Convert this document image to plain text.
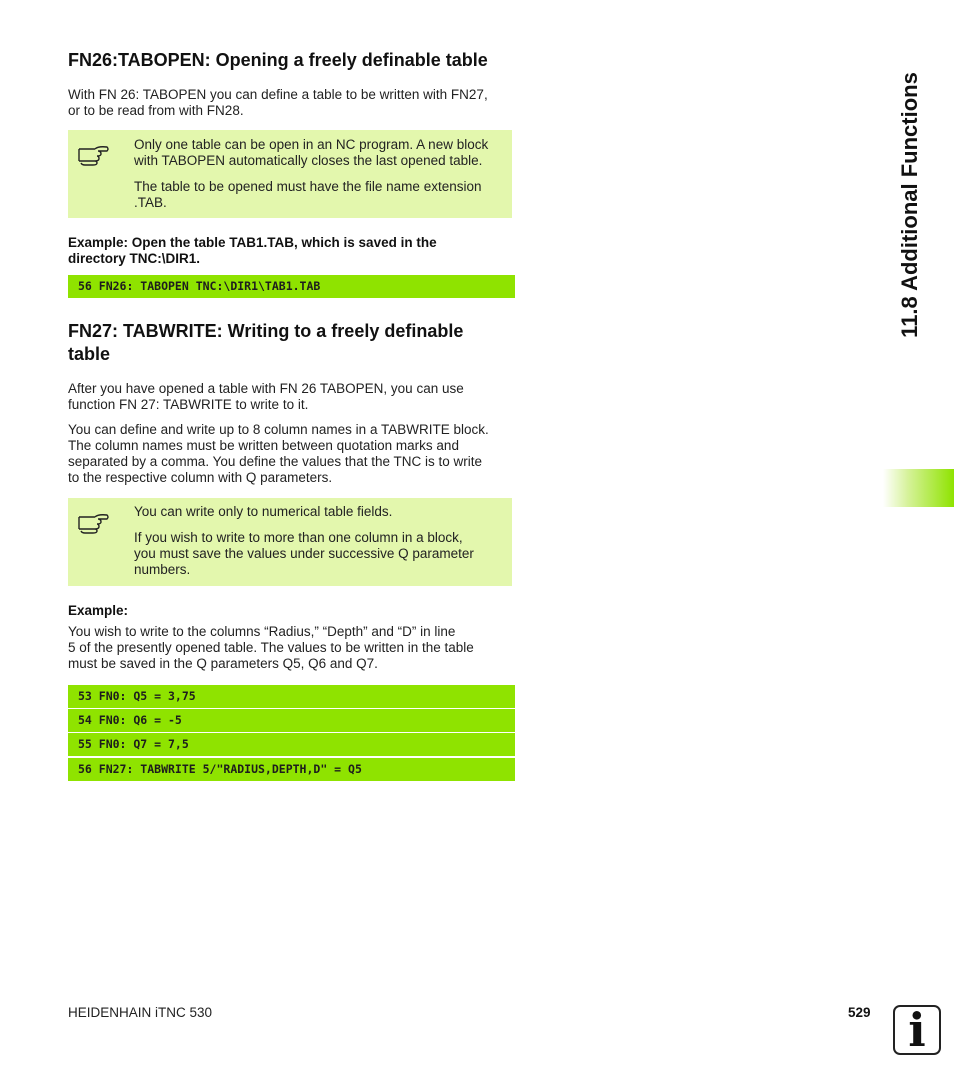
FN26:TABOPEN: Opening a freely definable table

With FN 26: TABOPEN you can define a table to be written with FN27,

or to be read from with FN28.

Only one table can be open in an NC program. A new block
with TABOPEN automatically closes the last opened table.

The table to be opened must have the file name extension
.TAB.

Example: Open the table TAB1.TAB, which is saved in the

directory TNC:\DIR1.

56 FN26: TABOPEN TNC:\DIR1\TAB1.TAB
FN27: TABWRITE: Writing to a freely definable
table

After you have opened a table with FN 26 TABOPEN, you can use

function FN 27: TABWRITE to write to it.

You can define and write up to 8 column names in a TABWRITE block.

The column names must be written between quotation marks and

separated by a comma. You define the values that the TNC is to write

to the respective column with Q parameters.

You can write only to numerical table fields.

If you wish to write to more than one column in a block,
you must save the values under successive Q parameter
numbers.

Example:

You wish to write to the columns “Radius,” “Depth” and “D” in line

5 of the presently opened table. The values to be written in the table

must be saved in the Q parameters Q5, Q6 and Q7.

53 FN0: Q5 = 3,75
54 FN0: Q6 = -5
55 FN0: Q7 = 7,5
56 FN27: TABWRITE 5/"RADIUS,DEPTH,D" = Q5
11.8 Additional Functions
HEIDENHAIN iTNC 530	529 i
